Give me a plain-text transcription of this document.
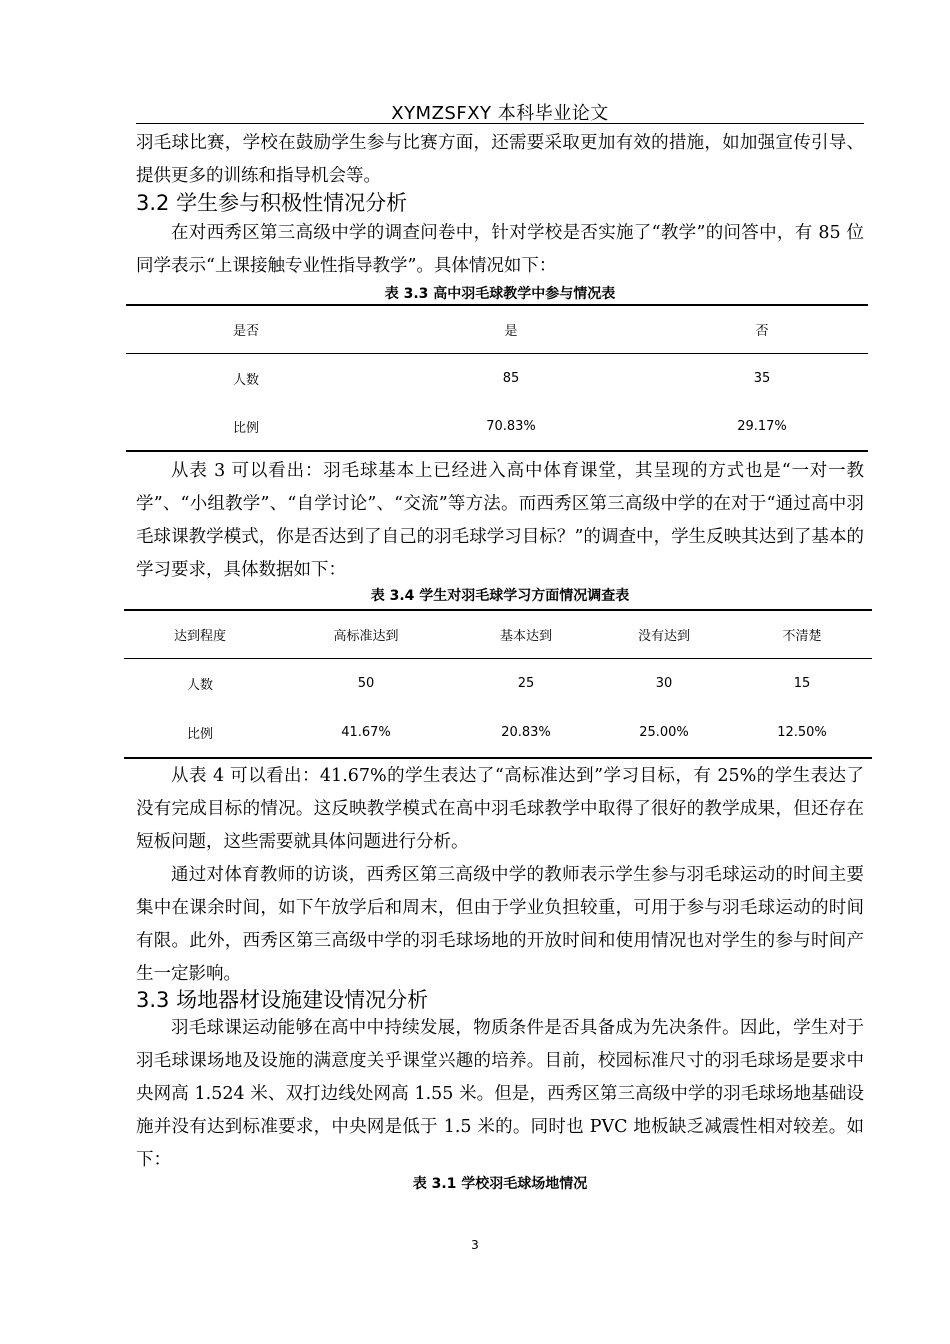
XYMZSFXY 本科毕业论文

羽毛球比赛，学校在鼓励学生参与比赛方面，还需要采取更加有效的措施，如加强宣传引导、提供更多的训练和指导机会等。

3.2 学生参与积极性情况分析

在对西秀区第三高级中学的调查问卷中，针对学校是否实施了“教学”的问答中，有 85 位同学表示“上课接触专业性指导教学”。具体情况如下：

表 3.3 高中羽毛球教学中参与情况表
是否	是	否
人数	85	35
比例	70.83%	29.17%

从表 3 可以看出：羽毛球基本上已经进入高中体育课堂，其呈现的方式也是“一对一教学”、“小组教学”、“自学讨论”、“交流”等方法。而西秀区第三高级中学的在对于“通过高中羽毛球课教学模式，你是否达到了自己的羽毛球学习目标？”的调查中，学生反映其达到了基本的学习要求，具体数据如下：

表 3.4 学生对羽毛球学习方面情况调查表
达到程度	高标准达到	基本达到	没有达到	不清楚
人数	50	25	30	15
比例	41.67%	20.83%	25.00%	12.50%

从表 4 可以看出：41.67%的学生表达了“高标准达到”学习目标，有 25%的学生表达了没有完成目标的情况。这反映教学模式在高中羽毛球教学中取得了很好的教学成果，但还存在短板问题，这些需要就具体问题进行分析。

通过对体育教师的访谈，西秀区第三高级中学的教师表示学生参与羽毛球运动的时间主要集中在课余时间，如下午放学后和周末，但由于学业负担较重，可用于参与羽毛球运动的时间有限。此外，西秀区第三高级中学的羽毛球场地的开放时间和使用情况也对学生的参与时间产生一定影响。

3.3 场地器材设施建设情况分析

羽毛球课运动能够在高中中持续发展，物质条件是否具备成为先决条件。因此，学生对于羽毛球课场地及设施的满意度关乎课堂兴趣的培养。目前，校园标准尺寸的羽毛球场是要求中央网高 1.524 米、双打边线处网高 1.55 米。但是，西秀区第三高级中学的羽毛球场地基础设施并没有达到标准要求，中央网是低于 1.5 米的。同时也 PVC 地板缺乏减震性相对较差。如下：

表 3.1 学校羽毛球场地情况
3
